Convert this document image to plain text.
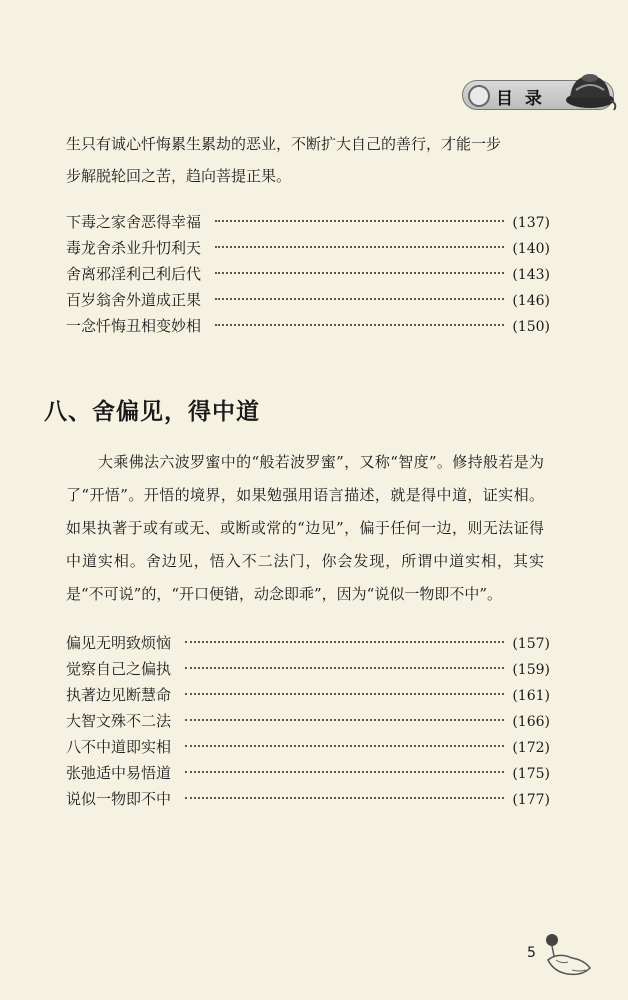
目 录

生只有诚心忏悔累生累劫的恶业，不断扩大自己的善行，才能一步

步解脱轮回之苦，趋向菩提正果。

下毒之家舍恶得幸福	(137)
毒龙舍杀业升忉利天	(140)
舍离邪淫利己利后代	(143)
百岁翁舍外道成正果	(146)
一念忏悔丑相变妙相	(150)
八、舍偏见，得中道

大乘佛法六波罗蜜中的“般若波罗蜜”，又称“智度”。修持般若是为了“开悟”。开悟的境界，如果勉强用语言描述，就是得中道，证实相。如果执著于或有或无、或断或常的“边见”，偏于任何一边，则无法证得中道实相。舍边见，悟入不二法门，你会发现，所谓中道实相，其实是“不可说”的，“开口便错，动念即乖”，因为“说似一物即不中”。

偏见无明致烦恼	(157)
觉察自己之偏执	(159)
执著边见断慧命	(161)
大智文殊不二法	(166)
八不中道即实相	(172)
张弛适中易悟道	(175)
说似一物即不中	(177)
5
